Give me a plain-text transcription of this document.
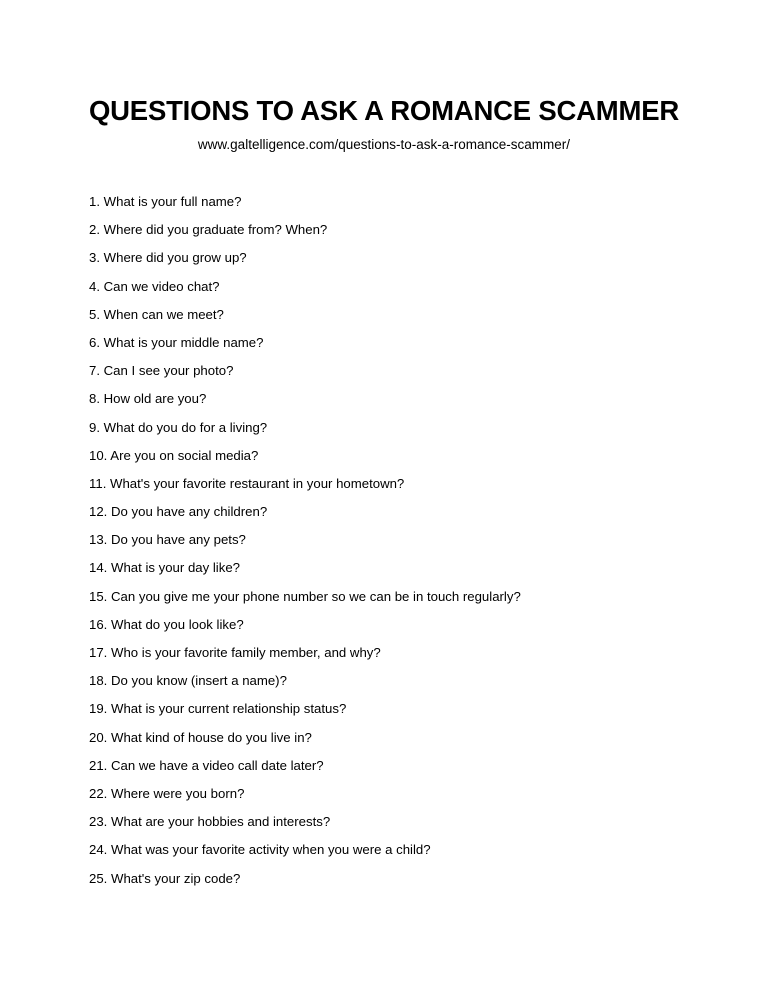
QUESTIONS TO ASK A ROMANCE SCAMMER
www.galtelligence.com/questions-to-ask-a-romance-scammer/
1. What is your full name?
2. Where did you graduate from? When?
3. Where did you grow up?
4. Can we video chat?
5. When can we meet?
6. What is your middle name?
7. Can I see your photo?
8. How old are you?
9. What do you do for a living?
10. Are you on social media?
11. What's your favorite restaurant in your hometown?
12. Do you have any children?
13. Do you have any pets?
14. What is your day like?
15. Can you give me your phone number so we can be in touch regularly?
16. What do you look like?
17. Who is your favorite family member, and why?
18. Do you know (insert a name)?
19. What is your current relationship status?
20. What kind of house do you live in?
21. Can we have a video call date later?
22. Where were you born?
23. What are your hobbies and interests?
24. What was your favorite activity when you were a child?
25. What's your zip code?
